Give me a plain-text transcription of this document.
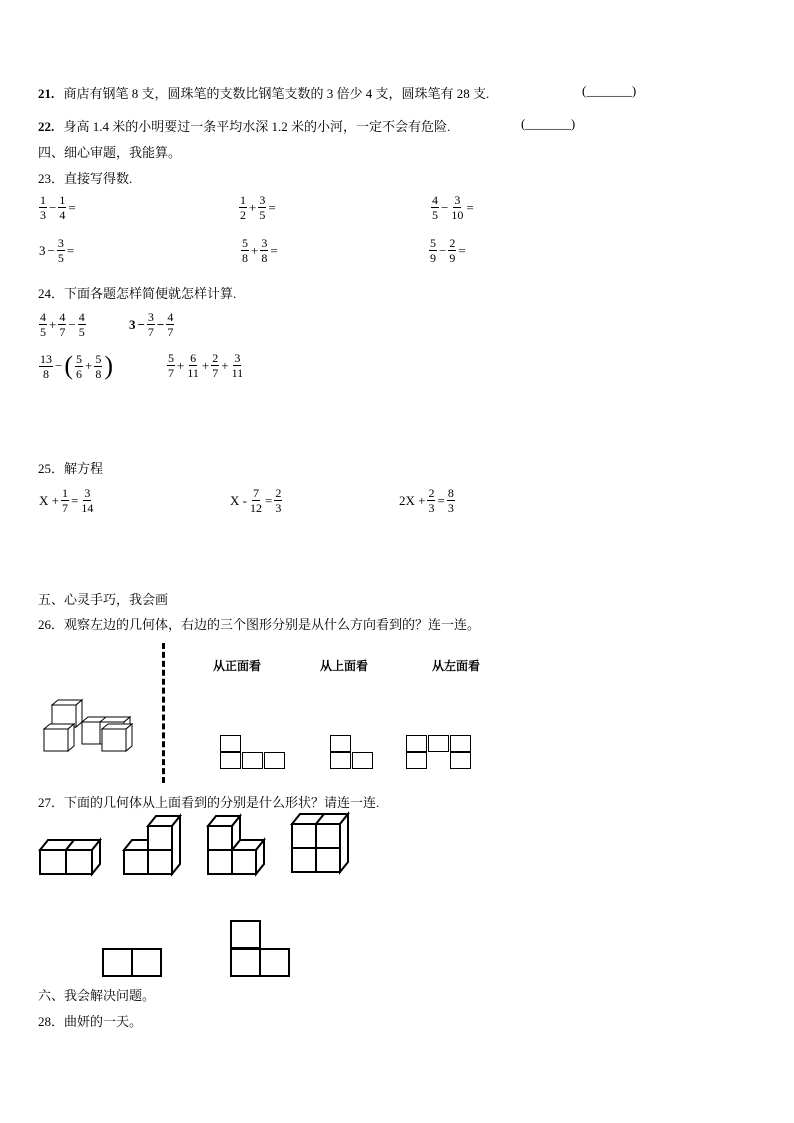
21. 商店有钢笔 8 支，圆珠笔的支数比钢笔支数的 3 倍少 4 支，圆珠笔有 28 支.	(_______)
22. 身高 1.4 米的小明要过一条平均水深 1.2 米的小河，一定不会有危险.	(_______)
四、细心审题，我能算。
23．直接写得数.
$\frac{1}{3} - \frac{1}{4}$ =	$\frac{1}{2} + \frac{3}{5}$ =	$\frac{4}{5} - \frac{3}{10}$ =
$3 - \frac{3}{5}$ =	$\frac{5}{8} + \frac{3}{8}$ =	$\frac{5}{9} - \frac{2}{9}$ =
24．下面各题怎样简便就怎样计算.
$\frac{4}{5} + \frac{4}{7} - \frac{4}{5}$	$3 - \frac{3}{7} - \frac{4}{7}$
$\frac{13}{8}$ −( $\frac{5}{6} + \frac{5}{8}$ )	$\frac{5}{7} + \frac{6}{11} + \frac{2}{7} + \frac{3}{11}$
25．解方程
$X + \frac{1}{7} = \frac{3}{14}$	$X - \frac{7}{12} = \frac{2}{3}$	$2X + \frac{2}{3} = \frac{8}{3}$
五、心灵手巧，我会画
26．观察左边的几何体，右边的三个图形分别是从什么方向看到的？连一连。
从正面看	从上面看	从左面看
27．下面的几何体从上面看到的分别是什么形状？请连一连.
六、我会解决问题。
28．曲妍的一天。
